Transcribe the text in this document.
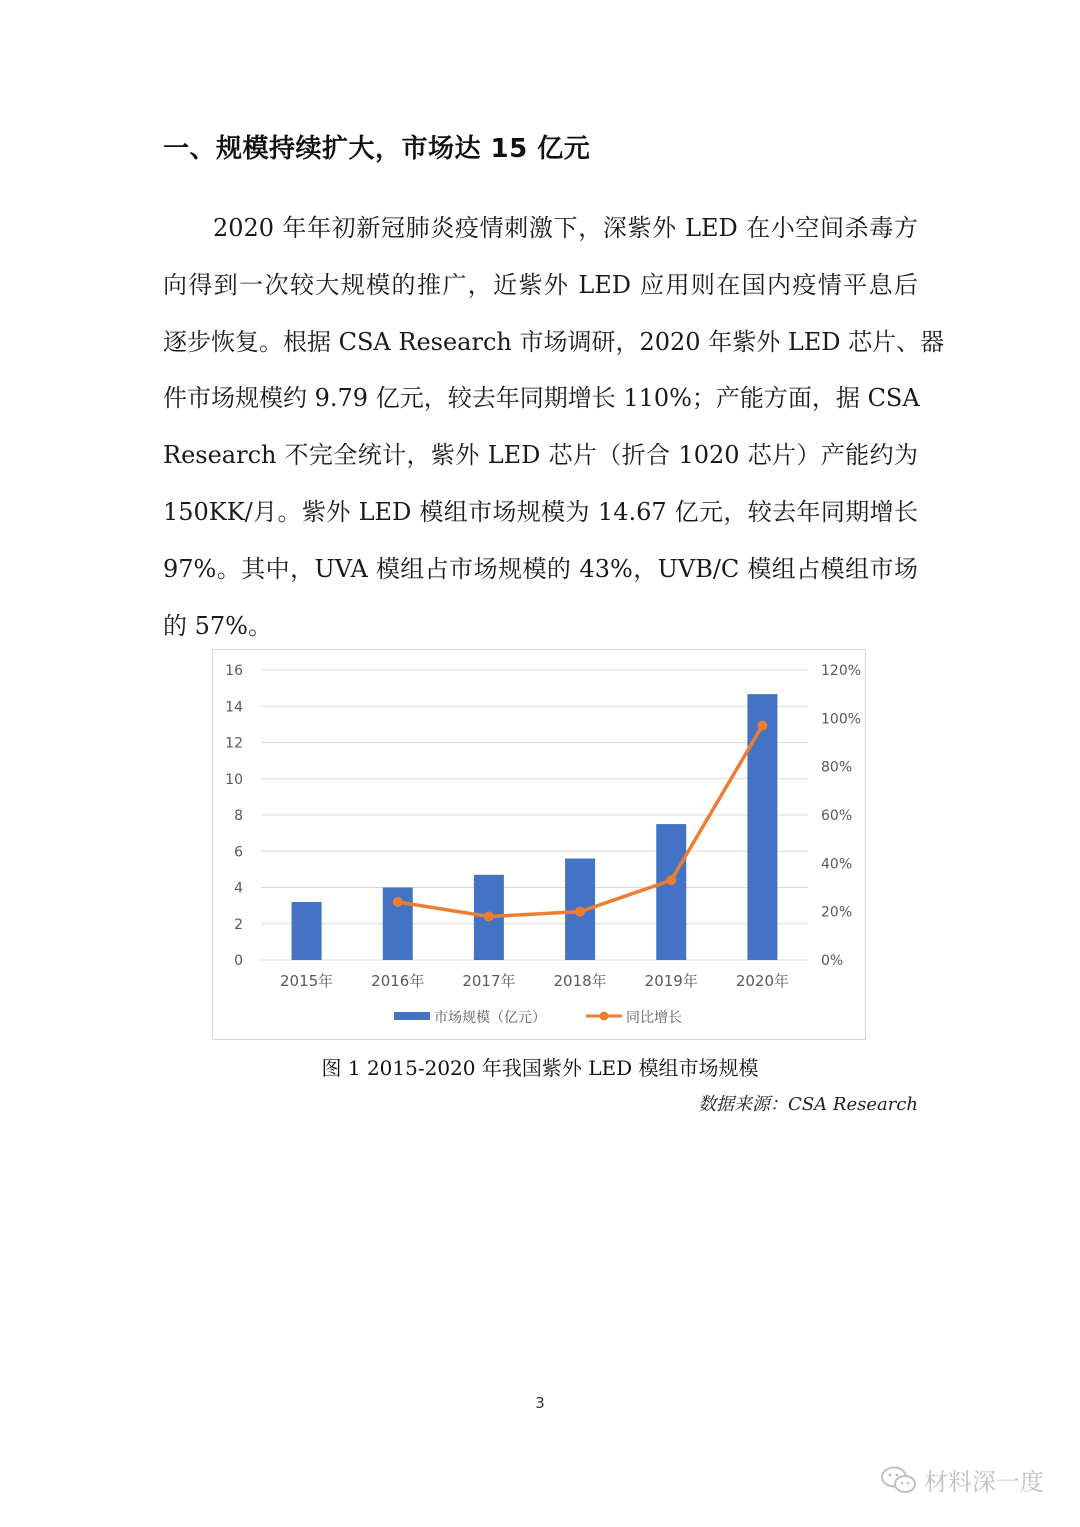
一、规模持续扩大，市场达 15 亿元
2020 年年初新冠肺炎疫情刺激下，深紫外 LED 在小空间杀毒方
向得到一次较大规模的推广，近紫外 LED 应用则在国内疫情平息后
逐步恢复。根据 CSA Research 市场调研，2020 年紫外 LED 芯片、器
件市场规模约 9.79 亿元，较去年同期增长 110%；产能方面，据 CSA
Research 不完全统计，紫外 LED 芯片（折合 1020 芯片）产能约为
150KK/月。紫外 LED 模组市场规模为 14.67 亿元，较去年同期增长
97%。其中，UVA 模组占市场规模的 43%，UVB/C 模组占模组市场
的 57%。
0
2
4
6
8
10
12
14
16
0%
20%
40%
60%
80%
100%
120%
2015年	2016年	2017年	2018年	2019年	2020年
市场规模（亿元）	同比增长
图 1 2015-2020 年我国紫外 LED 模组市场规模
数据来源：CSA Research
3
材料深一度
